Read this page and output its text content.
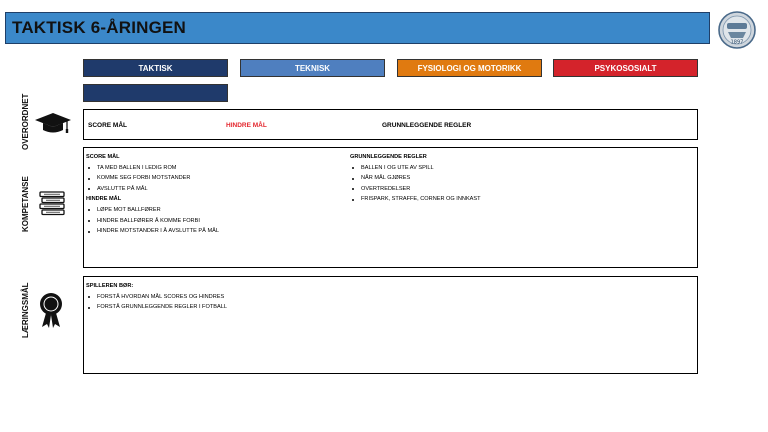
TAKTISK 6-ÅRINGEN
1897
TAKTISK	TEKNISK	FYSIOLOGI OG MOTORIKK	PSYKOSOSIALT
OVERORDNET	SCORE MÅL	HINDRE MÅL	GRUNNLEGGENDE REGLER
KOMPETANSE
SCORE MÅL
TA MED BALLEN I LEDIG ROM
KOMME SEG FORBI MOTSTANDER
AVSLUTTE PÅ MÅL
HINDRE MÅL
LØPE MOT BALLFØRER
HINDRE BALLFØRER Å KOMME FORBI
HINDRE MOTSTANDER I Å AVSLUTTE PÅ MÅL
GRUNNLEGGENDE REGLER
BALLEN I OG UTE AV SPILL
NÅR MÅL GJØRES
OVERTREDELSER
FRISPARK, STRAFFE, CORNER OG INNKAST
LÆRINGSMÅL	SPILLEREN BØR:
FORSTÅ HVORDAN MÅL SCORES OG HINDRES
FORSTÅ GRUNNLEGGENDE REGLER I FOTBALL
